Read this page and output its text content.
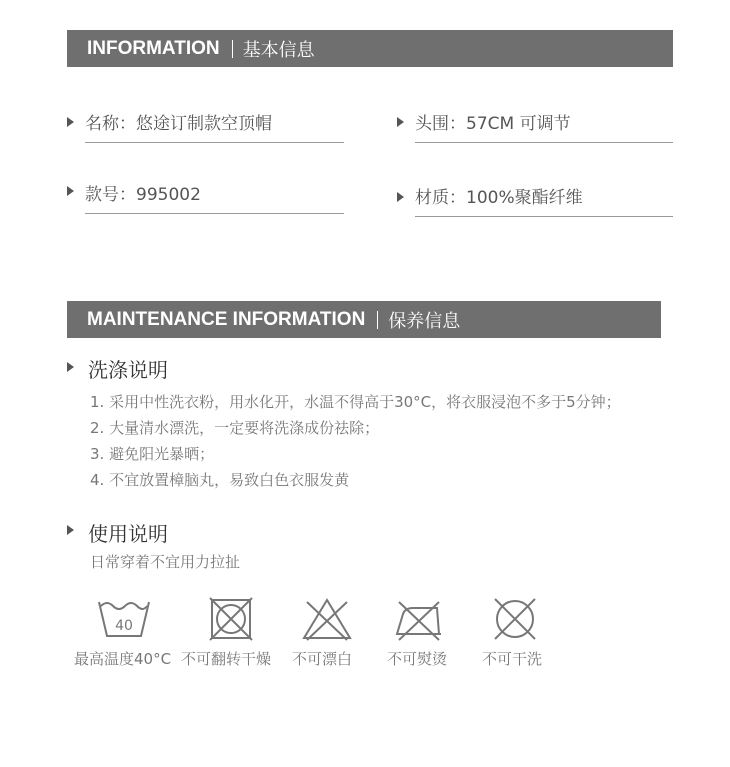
INFORMATION 基本信息
名称：悠途订制款空顶帽	头围：57CM 可调节
款号：995002	材质：100%聚酯纤维
MAINTENANCE INFORMATION 保养信息
洗涤说明
1. 采用中性洗衣粉，用水化开，水温不得高于30°C，将衣服浸泡不多于5分钟；
2. 大量清水漂洗，一定要将洗涤成份祛除；
3. 避免阳光暴晒；
4. 不宜放置樟脑丸，易致白色衣服发黄
使用说明
日常穿着不宜用力拉扯
40
最高温度40°C 不可翻转干燥 不可漂白 不可熨烫 不可干洗
